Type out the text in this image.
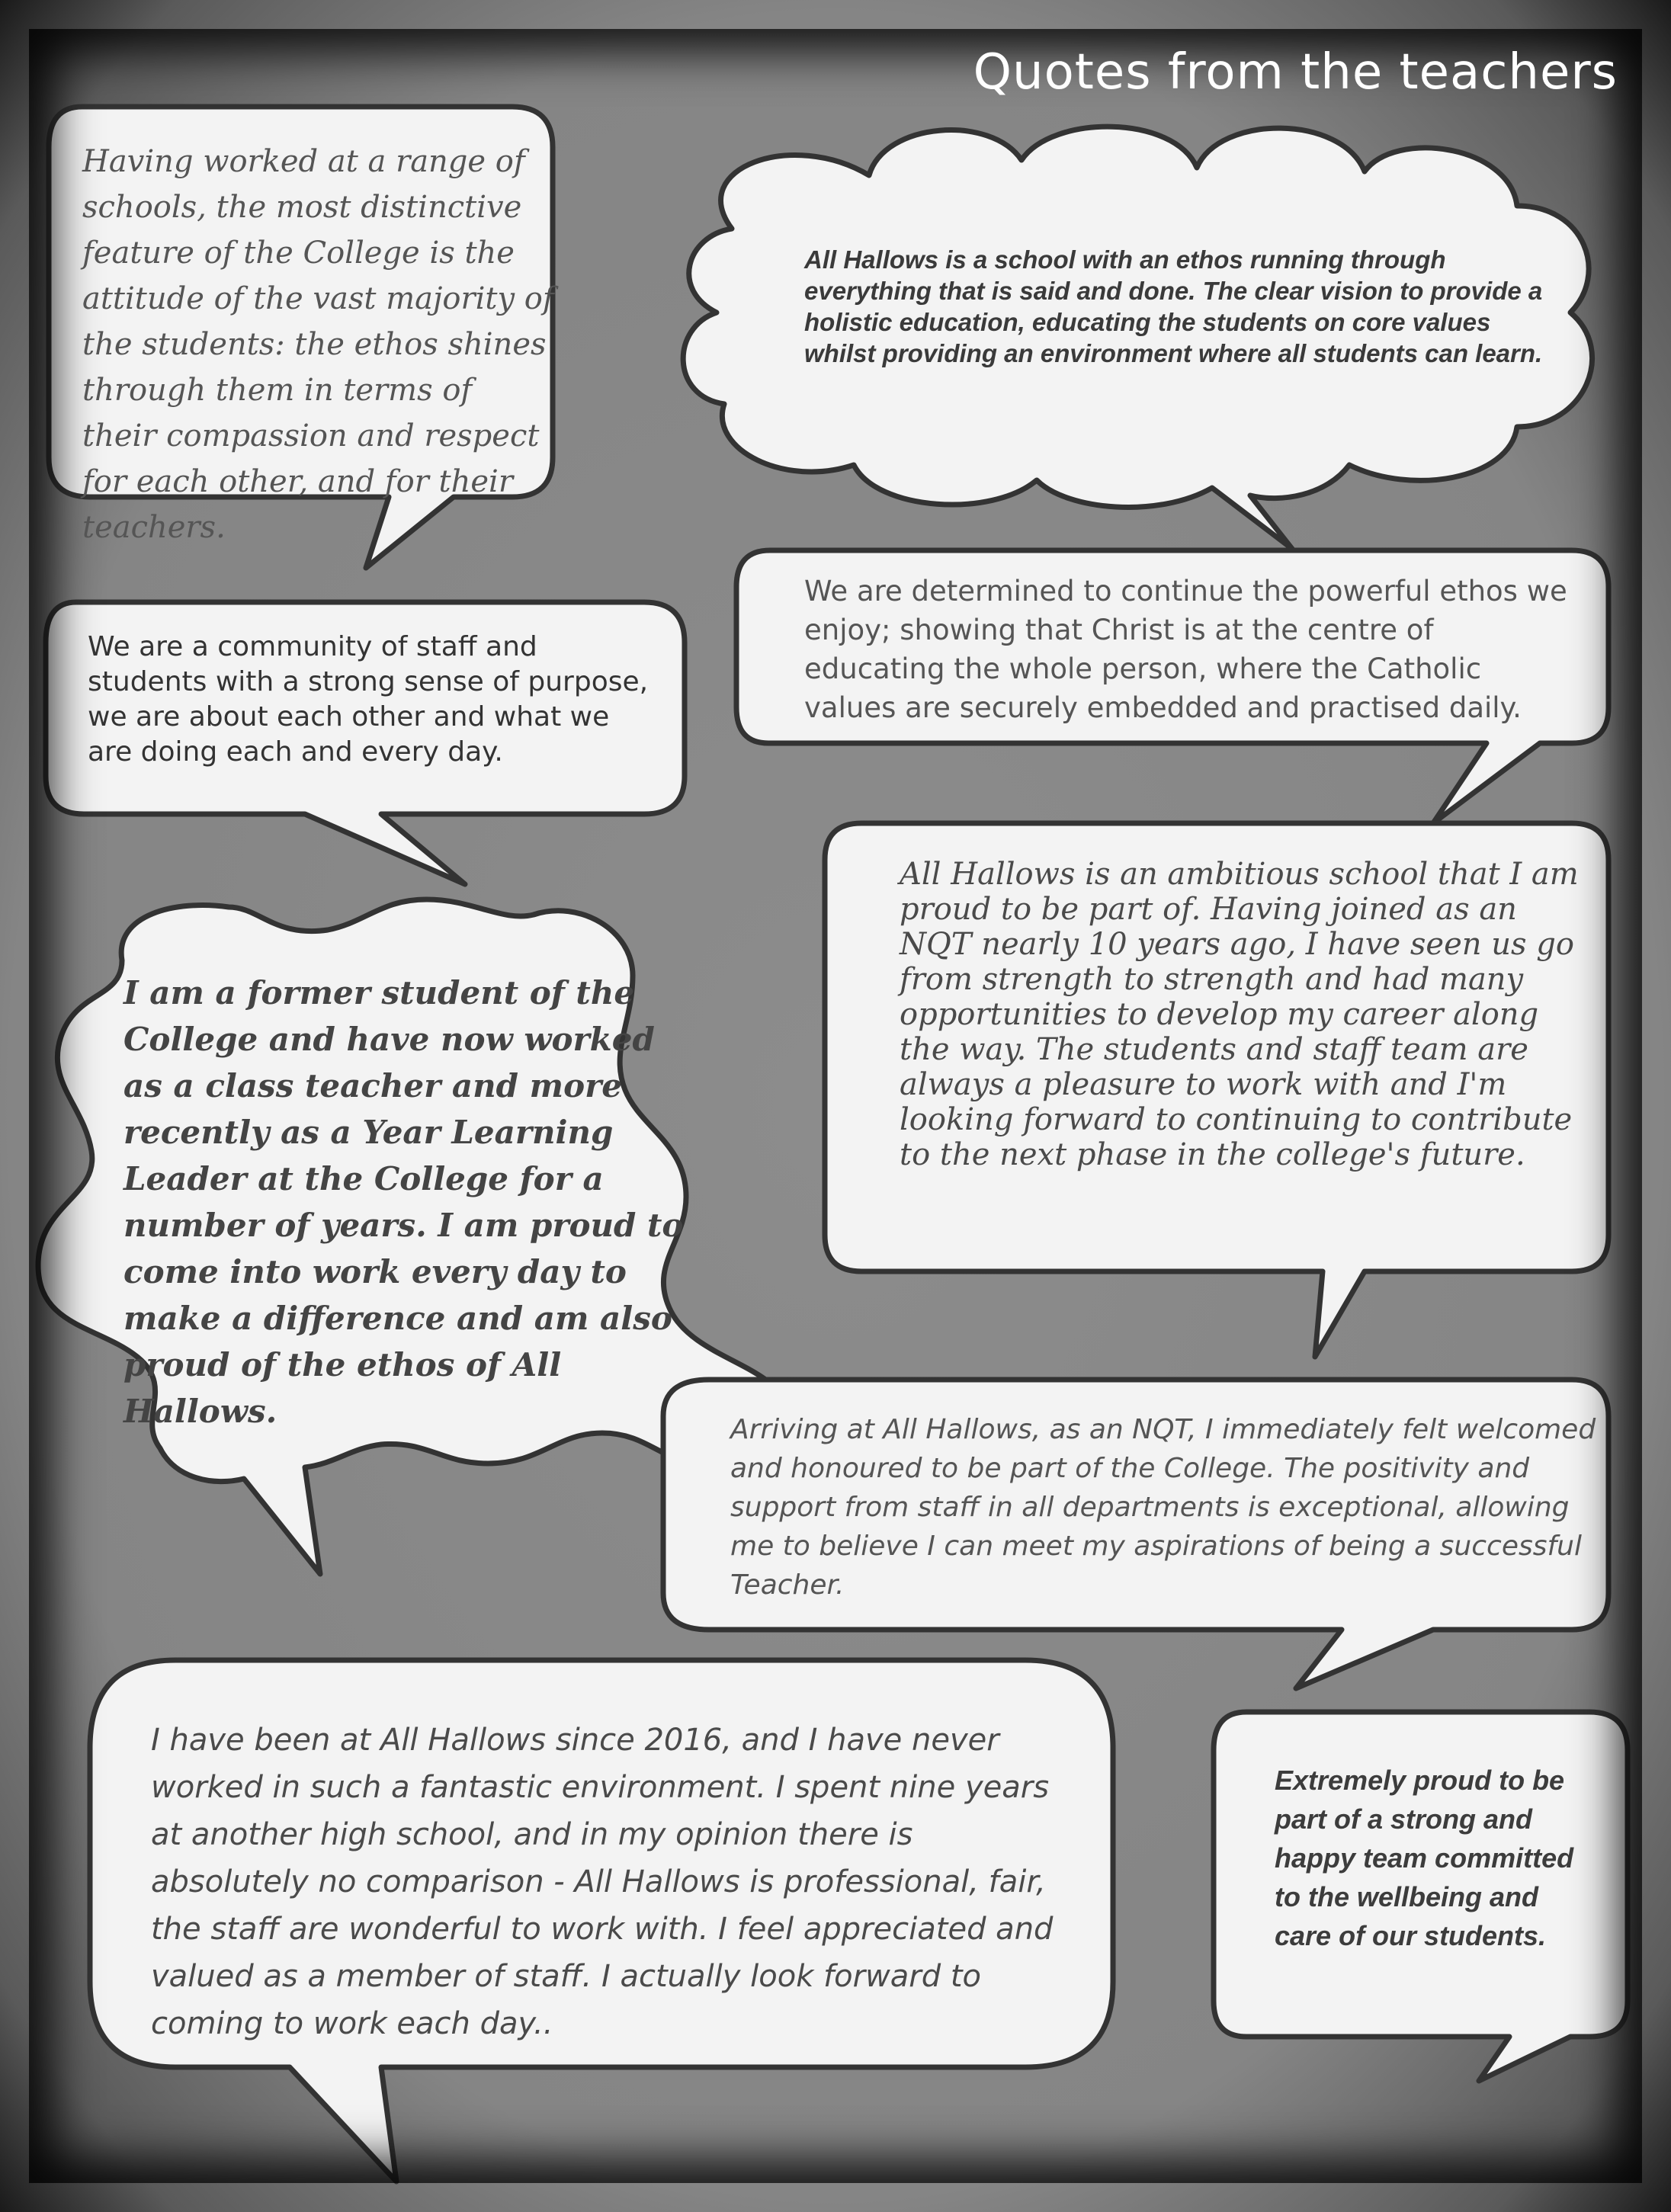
Quotes from the teachers

Having worked at a range of schools, the most distinctive feature of the College is the attitude of the vast majority of the students: the ethos shines through them in terms of their compassion and respect for each other, and for their teachers.

All Hallows is a school with an ethos running through everything that is said and done. The clear vision to provide a holistic education, educating the students on core values whilst providing an environment where all students can learn.

We are a community of staff and students with a strong sense of purpose, we are about each other and what we are doing each and every day.

We are determined to continue the powerful ethos we enjoy; showing that Christ is at the centre of educating the whole person, where the Catholic values are securely embedded and practised daily.

I am a former student of the College and have now worked as a class teacher and more recently as a Year Learning Leader at the College for a number of years. I am proud to come into work every day to make a difference and am also proud of the ethos of All Hallows.

All Hallows is an ambitious school that I am proud to be part of. Having joined as an NQT nearly 10 years ago, I have seen us go from strength to strength and had many opportunities to develop my career along the way. The students and staff team are always a pleasure to work with and I'm looking forward to continuing to contribute to the next phase in the college's future.

Arriving at All Hallows, as an NQT, I immediately felt welcomed and honoured to be part of the College. The positivity and support from staff in all departments is exceptional, allowing me to believe I can meet my aspirations of being a successful Teacher.

I have been at All Hallows since 2016, and I have never worked in such a fantastic environment. I spent nine years at another high school, and in my opinion there is absolutely no comparison - All Hallows is professional, fair, the staff are wonderful to work with. I feel appreciated and valued as a member of staff. I actually look forward to coming to work each day..

Extremely proud to be part of a strong and happy team committed to the wellbeing and care of our students.
